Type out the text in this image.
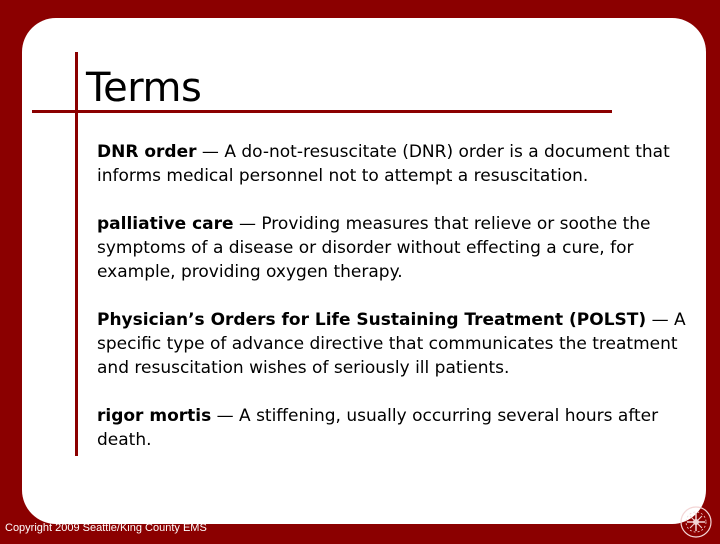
Terms
DNR order — A do-not-resuscitate (DNR) order is a document that informs medical personnel not to attempt a resuscitation.
palliative care — Providing measures that relieve or soothe the symptoms of a disease or disorder without effecting a cure, for example, providing oxygen therapy.
Physician’s Orders for Life Sustaining Treatment (POLST) — A specific type of advance directive that communicates the treatment and resuscitation wishes of seriously ill patients.
rigor mortis — A stiffening, usually occurring several hours after death.
Copyright 2009 Seattle/King County EMS
